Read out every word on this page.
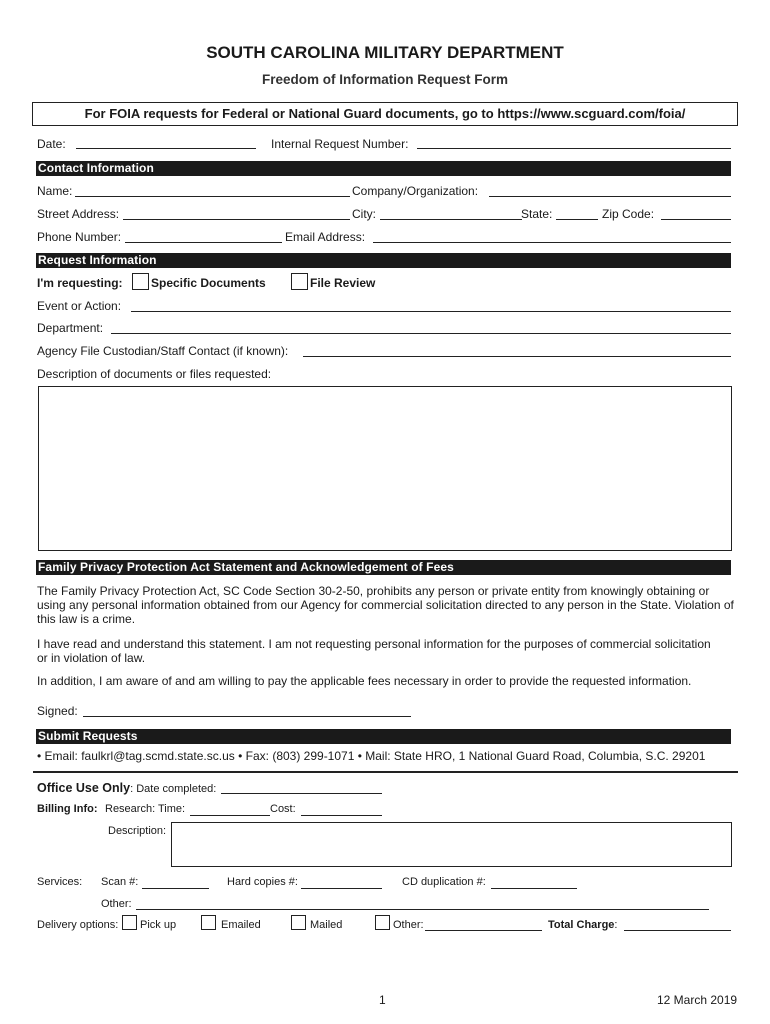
SOUTH CAROLINA MILITARY DEPARTMENT
Freedom of Information Request Form
For FOIA requests for Federal or National Guard documents, go to https://www.scguard.com/foia/
Date:	Internal Request Number:
Contact Information
Name:	Company/Organization:
Street Address:	City:	State:	Zip Code:
Phone Number:	Email Address:
Request Information
I'm requesting: Specific Documents	File Review
Event or Action:
Department:
Agency File Custodian/Staff Contact (if known):
Description of documents or files requested:
Family Privacy Protection Act Statement and Acknowledgement of Fees
The Family Privacy Protection Act, SC Code Section 30-2-50, prohibits any person or private entity from knowingly obtaining or using any personal information obtained from our Agency for commercial solicitation directed to any person in the State. Violation of this law is a crime.
I have read and understand this statement. I am not requesting personal information for the purposes of commercial solicitation or in violation of law.
In addition, I am aware of and am willing to pay the applicable fees necessary in order to provide the requested information.
Signed:
Submit Requests
• Email: faulkrl@tag.scmd.state.sc.us • Fax: (803) 299-1071 • Mail: State HRO, 1 National Guard Road, Columbia, S.C. 29201
Office Use Only: Date completed:
Billing Info: Research: Time:	Cost:
Description:
Services: Scan #:	Hard copies #:	CD duplication #:
Other:
Delivery options: Pick up	Emailed	Mailed	Other:	Total Charge:
1	12 March 2019
